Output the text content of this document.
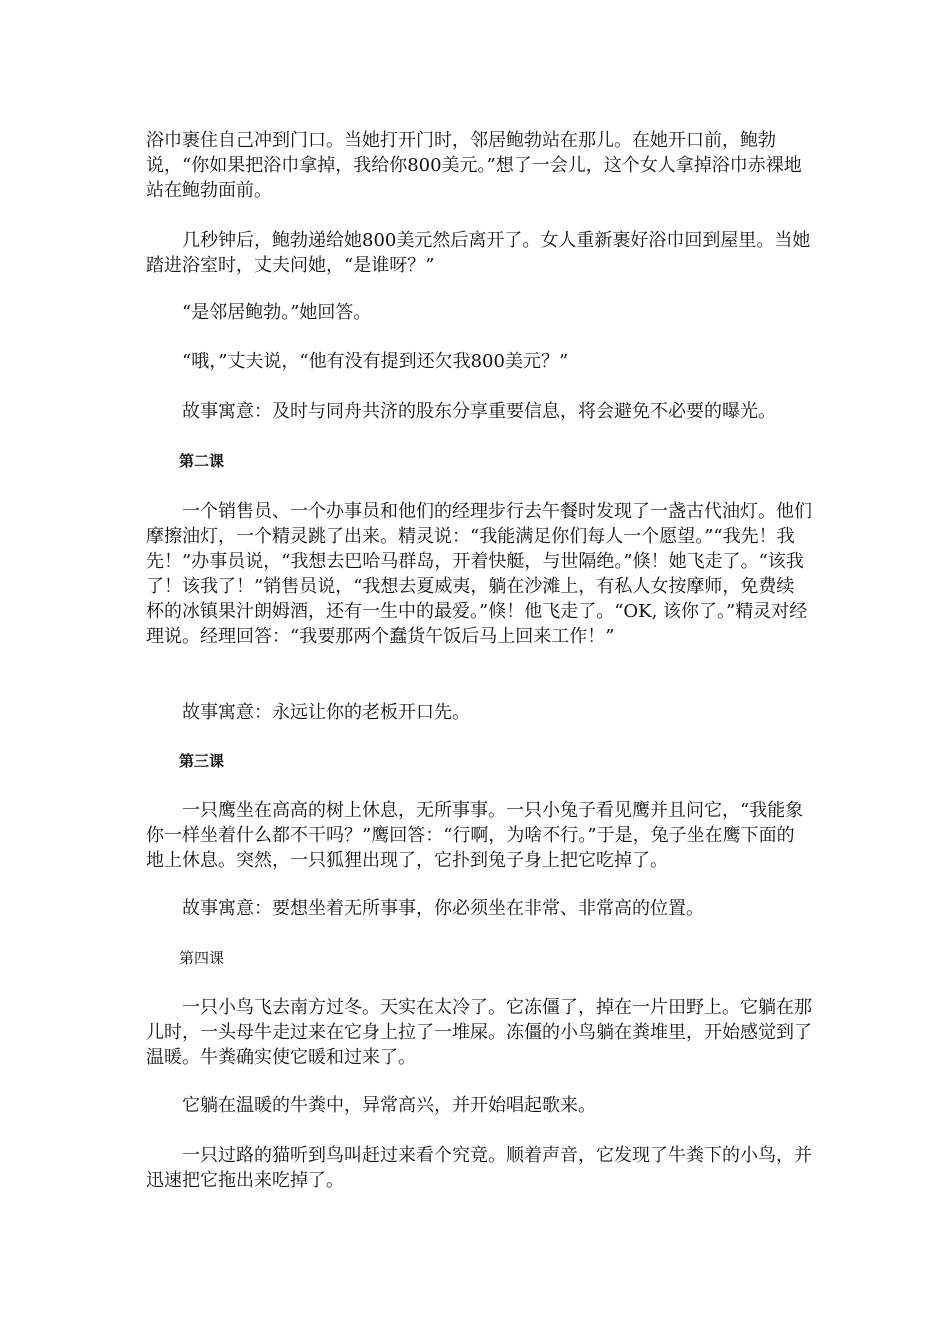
浴巾裹住自己冲到门口。当她打开门时，邻居鲍勃站在那儿。在她开口前，鲍勃说，“你如果把浴巾拿掉，我给你800美元。”想了一会儿，这个女人拿掉浴巾赤裸地站在鲍勃面前。

几秒钟后，鲍勃递给她800美元然后离开了。女人重新裹好浴巾回到屋里。当她踏进浴室时，丈夫问她，“是谁呀？”

“是邻居鲍勃。”她回答。

“哦，”丈夫说，“他有没有提到还欠我800美元？”

故事寓意：及时与同舟共济的股东分享重要信息，将会避免不必要的曝光。

第二课

一个销售员、一个办事员和他们的经理步行去午餐时发现了一盏古代油灯。他们摩擦油灯，一个精灵跳了出来。精灵说：“我能满足你们每人一个愿望。”“我先！我先！”办事员说，“我想去巴哈马群岛，开着快艇，与世隔绝。”倏！她飞走了。“该我了！该我了！”销售员说，“我想去夏威夷，躺在沙滩上，有私人女按摩师，免费续杯的冰镇果汁朗姆酒，还有一生中的最爱。”倏！他飞走了。“OK, 该你了。”精灵对经理说。经理回答：“我要那两个蠢货午饭后马上回来工作！”

故事寓意：永远让你的老板开口先。

第三课

一只鹰坐在高高的树上休息，无所事事。一只小兔子看见鹰并且问它，“我能象你一样坐着什么都不干吗？”鹰回答：“行啊，为啥不行。”于是，兔子坐在鹰下面的地上休息。突然，一只狐狸出现了，它扑到兔子身上把它吃掉了。

故事寓意：要想坐着无所事事，你必须坐在非常、非常高的位置。

第四课

一只小鸟飞去南方过冬。天实在太冷了。它冻僵了，掉在一片田野上。它躺在那儿时，一头母牛走过来在它身上拉了一堆屎。冻僵的小鸟躺在粪堆里，开始感觉到了温暖。牛粪确实使它暖和过来了。

它躺在温暖的牛粪中，异常高兴，并开始唱起歌来。

一只过路的猫听到鸟叫赶过来看个究竟。顺着声音，它发现了牛粪下的小鸟，并迅速把它拖出来吃掉了。
